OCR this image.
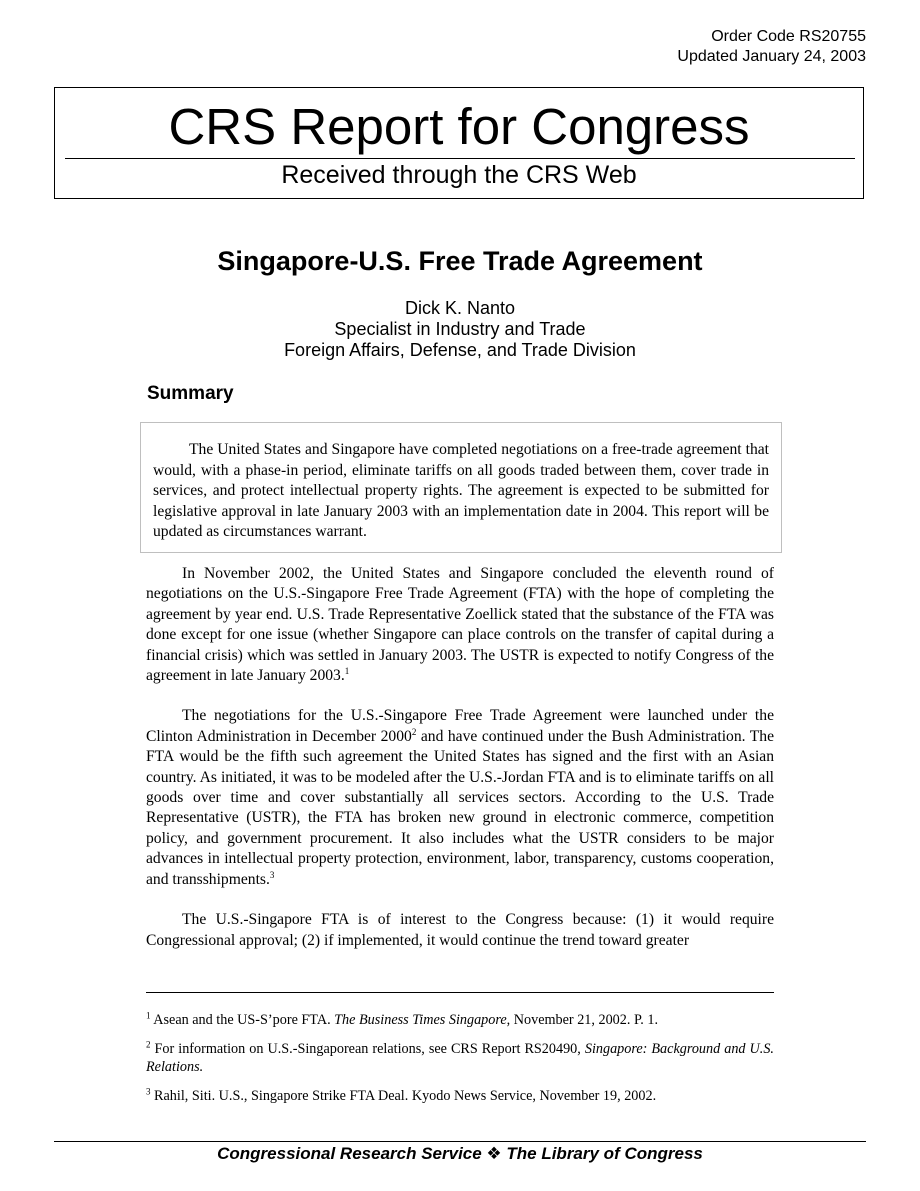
Order Code RS20755
Updated January 24, 2003
CRS Report for Congress
Received through the CRS Web
Singapore-U.S. Free Trade Agreement
Dick K. Nanto
Specialist in Industry and Trade
Foreign Affairs, Defense, and Trade Division
Summary

The United States and Singapore have completed negotiations on a free-trade agreement that would, with a phase-in period, eliminate tariffs on all goods traded between them, cover trade in services, and protect intellectual property rights. The agreement is expected to be submitted for legislative approval in late January 2003 with an implementation date in 2004. This report will be updated as circumstances warrant.

In November 2002, the United States and Singapore concluded the eleventh round of negotiations on the U.S.-Singapore Free Trade Agreement (FTA) with the hope of completing the agreement by year end. U.S. Trade Representative Zoellick stated that the substance of the FTA was done except for one issue (whether Singapore can place controls on the transfer of capital during a financial crisis) which was settled in January 2003. The USTR is expected to notify Congress of the agreement in late January 2003.$^1$

The negotiations for the U.S.-Singapore Free Trade Agreement were launched under the Clinton Administration in December 2000$^2$ and have continued under the Bush Administration. The FTA would be the fifth such agreement the United States has signed and the first with an Asian country. As initiated, it was to be modeled after the U.S.-Jordan FTA and is to eliminate tariffs on all goods over time and cover substantially all services sectors. According to the U.S. Trade Representative (USTR), the FTA has broken new ground in electronic commerce, competition policy, and government procurement. It also includes what the USTR considers to be major advances in intellectual property protection, environment, labor, transparency, customs cooperation, and transshipments.$^3$

The U.S.-Singapore FTA is of interest to the Congress because: (1) it would require Congressional approval; (2) if implemented, it would continue the trend toward greater

$^1$ Asean and the US-S’pore FTA. The Business Times Singapore, November 21, 2002. P. 1.

$^2$ For information on U.S.-Singaporean relations, see CRS Report RS20490, Singapore: Background and U.S. Relations.

$^3$ Rahil, Siti. U.S., Singapore Strike FTA Deal. Kyodo News Service, November 19, 2002.

Congressional Research Service ❖ The Library of Congress
